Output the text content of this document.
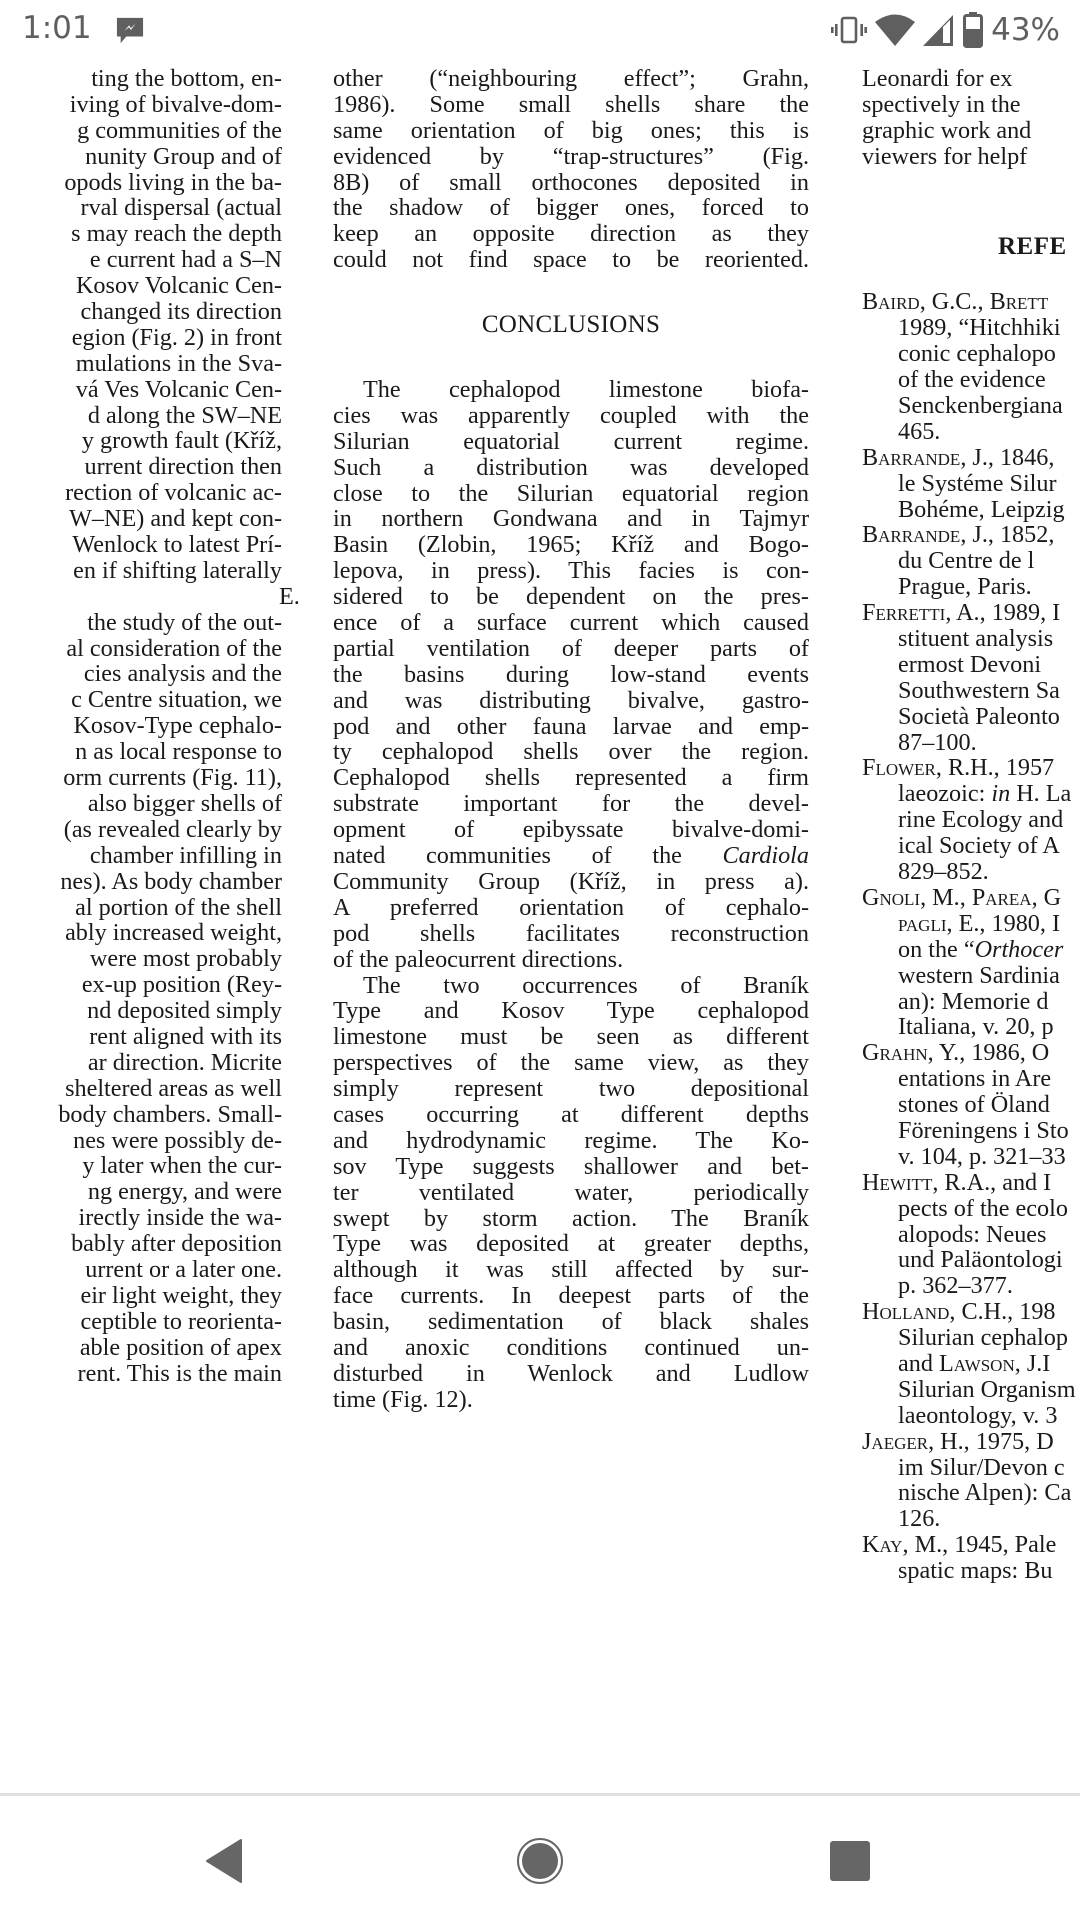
1:01	43%
ting the bottom, en-
iving of bivalve-dom-
g communities of the
nunity Group and of
opods living in the ba-
rval dispersal (actual
s may reach the depth
e current had a S–N
Kosov Volcanic Cen-
changed its direction
egion (Fig. 2) in front
mulations in the Sva-
vá Ves Volcanic Cen-
d along the SW–NE
y growth fault (Kříž,
urrent direction then
rection of volcanic ac-
W–NE) and kept con-
Wenlock to latest Prí-
en if shifting laterally
E.
the study of the out-
al consideration of the
cies analysis and the
c Centre situation, we
Kosov-Type cephalo-
n as local response to
orm currents (Fig. 11),
also bigger shells of
(as revealed clearly by
chamber infilling in
nes). As body chamber
al portion of the shell
ably increased weight,
were most probably
ex-up position (Rey-
nd deposited simply
rent aligned with its
ar direction. Micrite
sheltered areas as well
body chambers. Small-
nes were possibly de-
y later when the cur-
ng energy, and were
irectly inside the wa-
bably after deposition
urrent or a later one.
eir light weight, they
ceptible to reorienta-
able position of apex
rent. This is the main
other (“neighbouring effect”; Grahn,
1986). Some small shells share the
same orientation of big ones; this is
evidenced by “trap-structures” (Fig.
8B) of small orthocones deposited in
the shadow of bigger ones, forced to
keep an opposite direction as they
could not find space to be reoriented.
CONCLUSIONS
The cephalopod limestone biofa-
cies was apparently coupled with the
Silurian equatorial current regime.
Such a distribution was developed
close to the Silurian equatorial region
in northern Gondwana and in Tajmyr
Basin (Zlobin, 1965; Kříž and Bogo-
lepova, in press). This facies is con-
sidered to be dependent on the pres-
ence of a surface current which caused
partial ventilation of deeper parts of
the basins during low-stand events
and was distributing bivalve, gastro-
pod and other fauna larvae and emp-
ty cephalopod shells over the region.
Cephalopod shells represented a firm
substrate important for the devel-
opment of epibyssate bivalve-domi-
nated communities of the Cardiola
Community Group (Kříž, in press a).
A preferred orientation of cephalo-
pod shells facilitates reconstruction
of the paleocurrent directions.
The two occurrences of Braník
Type and Kosov Type cephalopod
limestone must be seen as different
perspectives of the same view, as they
simply represent two depositional
cases occurring at different depths
and hydrodynamic regime. The Ko-
sov Type suggests shallower and bet-
ter ventilated water, periodically
swept by storm action. The Braník
Type was deposited at greater depths,
although it was still affected by sur-
face currents. In deepest parts of the
basin, sedimentation of black shales
and anoxic conditions continued un-
disturbed in Wenlock and Ludlow
time (Fig. 12).
Leonardi for ex
spectively in the
graphic work and
viewers for helpf
REFE
Baird, G.C., Brett
1989, “Hitchhiki
conic cephalopo
of the evidence
Senckenbergiana
465.
Barrande, J., 1846,
le Systéme Silur
Bohéme, Leipzig
Barrande, J., 1852,
du Centre de l
Prague, Paris.
Ferretti, A., 1989, I
stituent analysis
ermost Devoni
Southwestern Sa
Società Paleonto
87–100.
Flower, R.H., 1957
laeozoic: in H. La
rine Ecology and
ical Society of A
829–852.
Gnoli, M., Parea, G
pagli, E., 1980, I
on the “Orthocer
western Sardinia
an): Memorie d
Italiana, v. 20, p
Grahn, Y., 1986, O
entations in Are
stones of Öland
Föreningens i Sto
v. 104, p. 321–33
Hewitt, R.A., and I
pects of the ecolo
alopods: Neues
und Paläontologi
p. 362–377.
Holland, C.H., 198
Silurian cephalop
and Lawson, J.I
Silurian Organism
laeontology, v. 3
Jaeger, H., 1975, D
im Silur/Devon c
nische Alpen): Ca
126.
Kay, M., 1945, Pale
spatic maps: Bu
